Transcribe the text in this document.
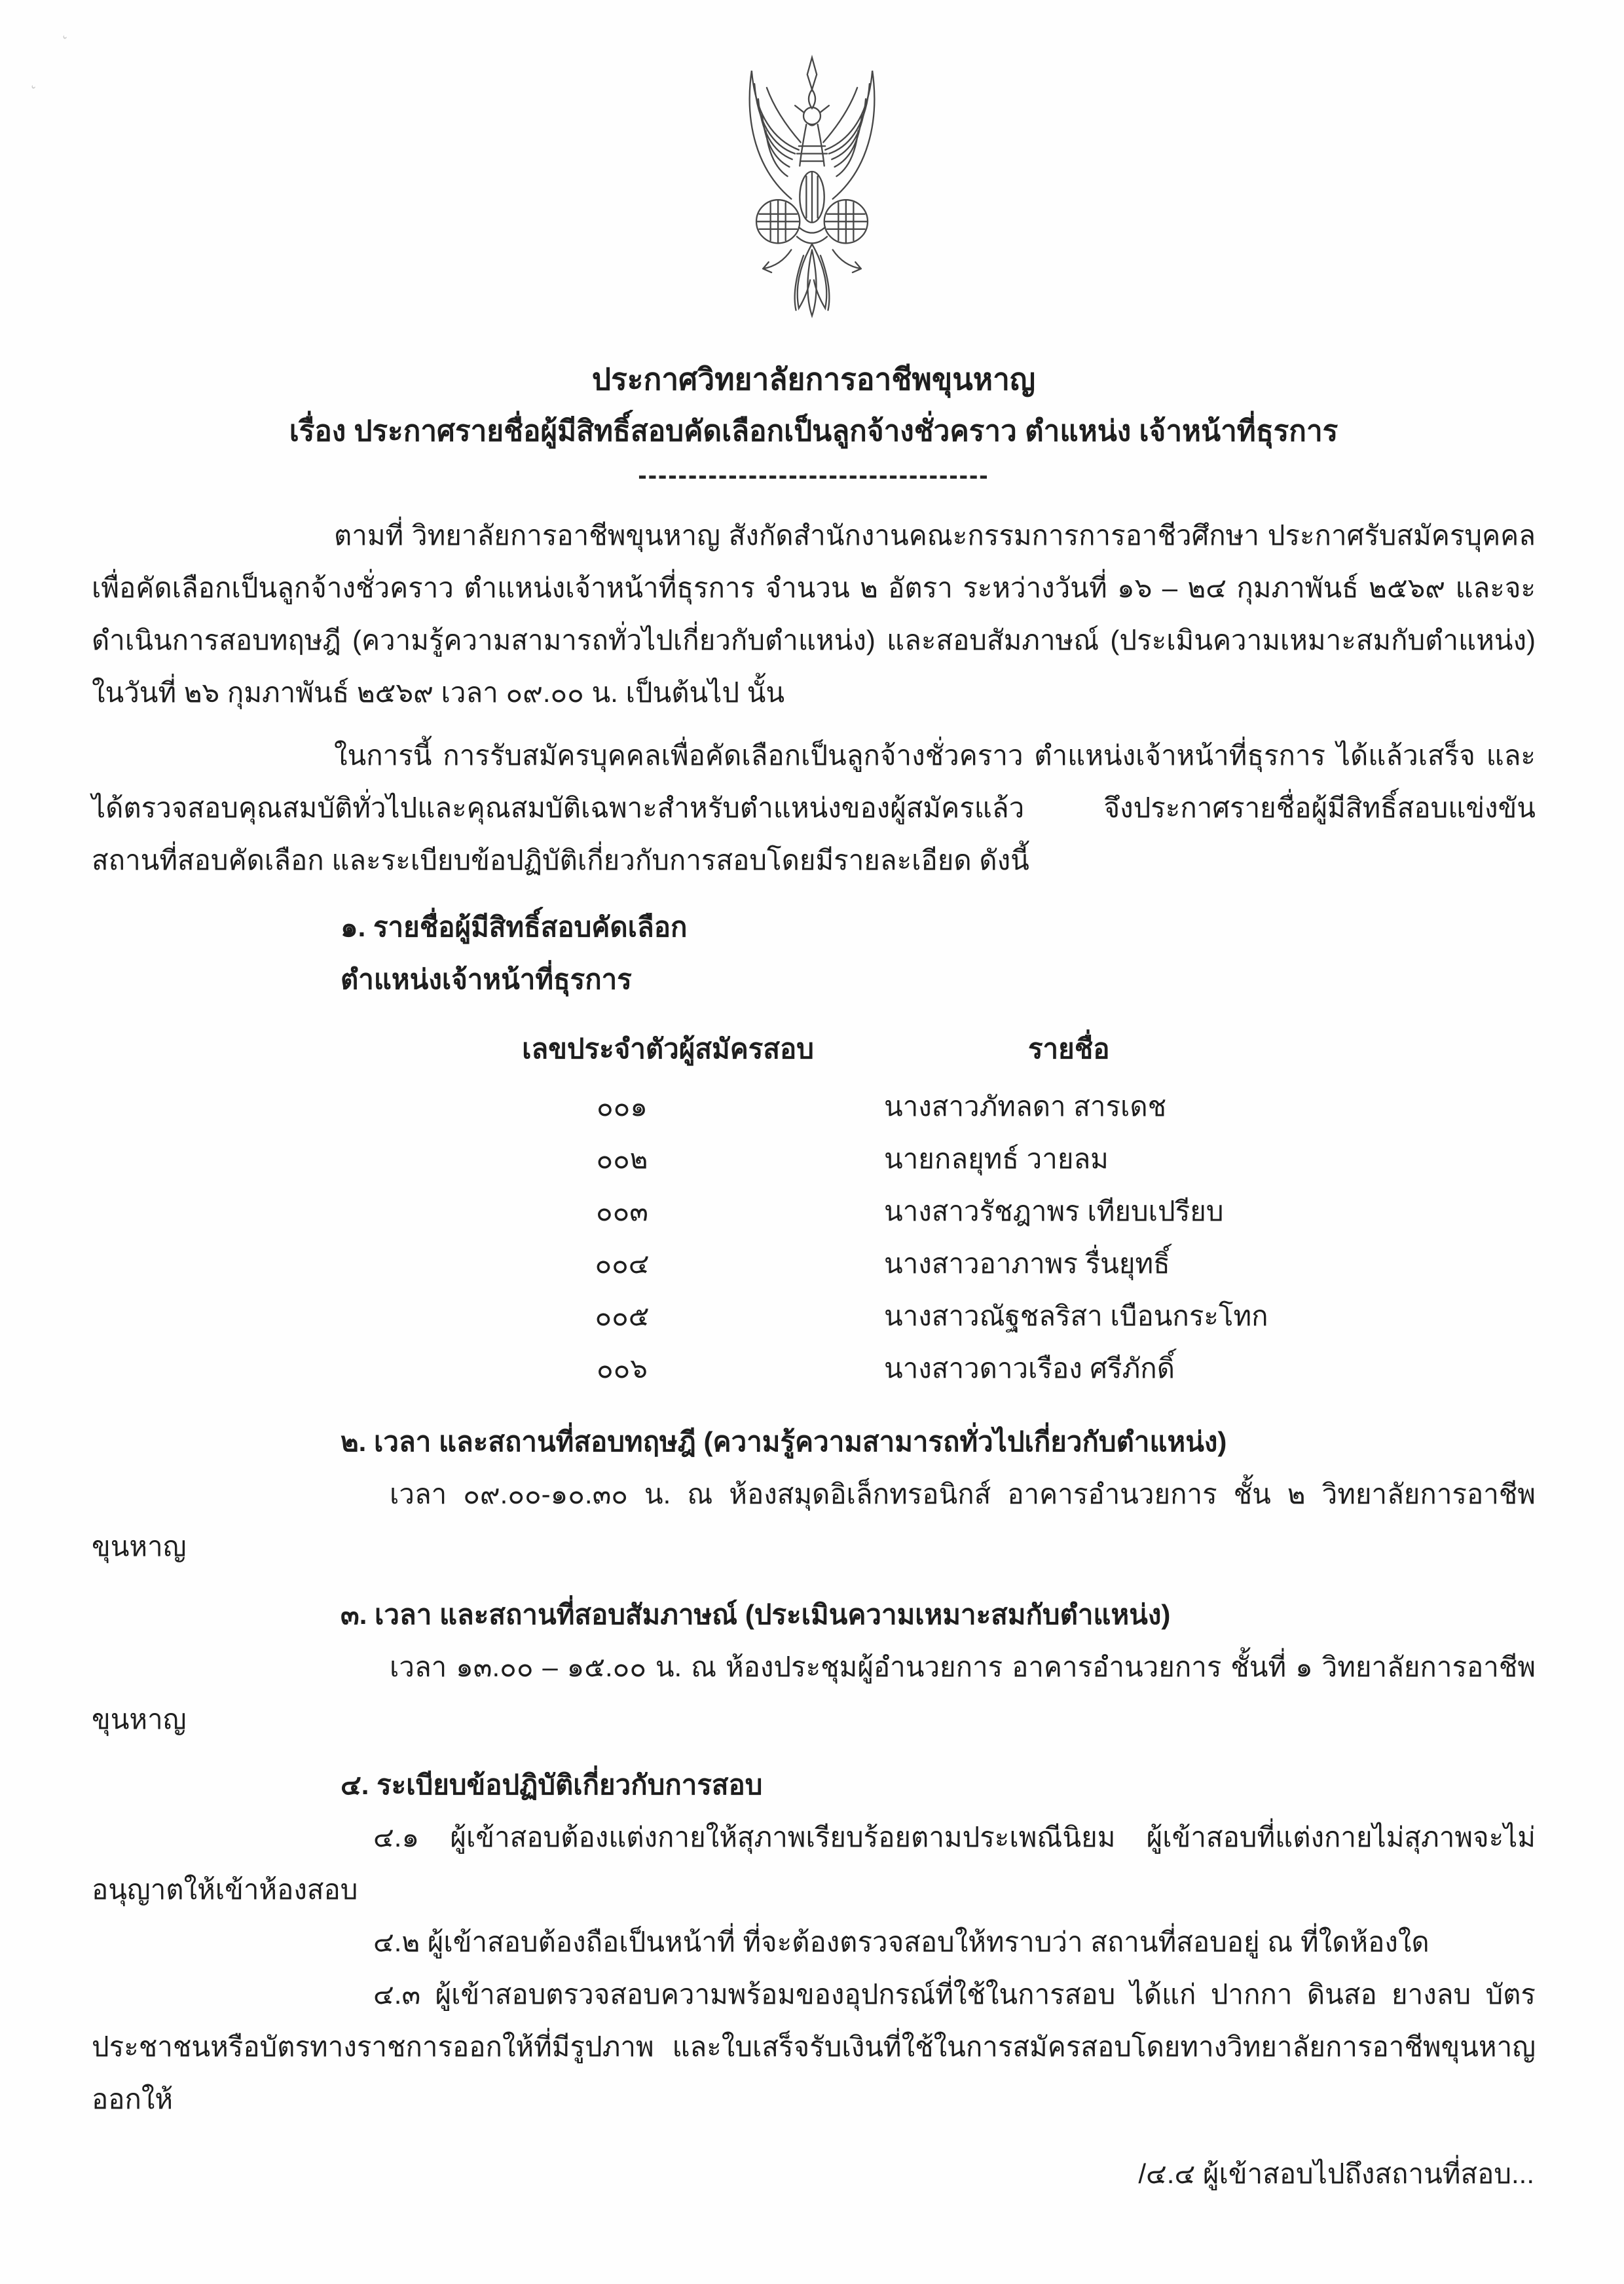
˛
˛

ประกาศวิทยาลัยการอาชีพขุนหาญ

เรื่อง ประกาศรายชื่อผู้มีสิทธิ์สอบคัดเลือกเป็นลูกจ้างชั่วคราว ตำแหน่ง เจ้าหน้าที่ธุรการ

-----------------------------------

ตามที่ วิทยาลัยการอาชีพขุนหาญ สังกัดสำนักงานคณะกรรมการการอาชีวศึกษา ประกาศรับสมัครบุคคลเพื่อคัดเลือกเป็นลูกจ้างชั่วคราว ตำแหน่งเจ้าหน้าที่ธุรการ จำนวน ๒ อัตรา ระหว่างวันที่ ๑๖ – ๒๔ กุมภาพันธ์ ๒๕๖๙ และจะดำเนินการสอบทฤษฎี (ความรู้ความสามารถทั่วไปเกี่ยวกับตำแหน่ง) และสอบสัมภาษณ์ (ประเมินความเหมาะสมกับตำแหน่ง) ในวันที่ ๒๖ กุมภาพันธ์ ๒๕๖๙ เวลา ๐๙.๐๐ น. เป็นต้นไป นั้น

ในการนี้ การรับสมัครบุคคลเพื่อคัดเลือกเป็นลูกจ้างชั่วคราว ตำแหน่งเจ้าหน้าที่ธุรการ ได้แล้วเสร็จ และได้ตรวจสอบคุณสมบัติทั่วไปและคุณสมบัติเฉพาะสำหรับตำแหน่งของผู้สมัครแล้ว จึงประกาศรายชื่อผู้มีสิทธิ์สอบแข่งขัน สถานที่สอบคัดเลือก และระเบียบข้อปฏิบัติเกี่ยวกับการสอบโดยมีรายละเอียด ดังนี้

๑. รายชื่อผู้มีสิทธิ์สอบคัดเลือก

ตำแหน่งเจ้าหน้าที่ธุรการ

เลขประจำตัวผู้สมัครสอบ	รายชื่อ
๐๐๑	นางสาวภัทลดา สารเดช
๐๐๒	นายกลยุทธ์ วายลม
๐๐๓	นางสาวรัชฎาพร เทียบเปรียบ
๐๐๔	นางสาวอาภาพร รื่นยุทธิ์
๐๐๕	นางสาวณัฐชลริสา เบือนกระโทก
๐๐๖	นางสาวดาวเรือง ศรีภักดิ์

๒. เวลา และสถานที่สอบทฤษฎี (ความรู้ความสามารถทั่วไปเกี่ยวกับตำแหน่ง)

เวลา ๐๙.๐๐-๑๐.๓๐ น. ณ ห้องสมุดอิเล็กทรอนิกส์ อาคารอำนวยการ ชั้น ๒ วิทยาลัยการอาชีพขุนหาญ

๓. เวลา และสถานที่สอบสัมภาษณ์ (ประเมินความเหมาะสมกับตำแหน่ง)

เวลา ๑๓.๐๐ – ๑๕.๐๐ น. ณ ห้องประชุมผู้อำนวยการ อาคารอำนวยการ ชั้นที่ ๑ วิทยาลัยการอาชีพขุนหาญ

๔. ระเบียบข้อปฏิบัติเกี่ยวกับการสอบ

๔.๑ ผู้เข้าสอบต้องแต่งกายให้สุภาพเรียบร้อยตามประเพณีนิยม ผู้เข้าสอบที่แต่งกายไม่สุภาพจะไม่อนุญาตให้เข้าห้องสอบ

๔.๒ ผู้เข้าสอบต้องถือเป็นหน้าที่ ที่จะต้องตรวจสอบให้ทราบว่า สถานที่สอบอยู่ ณ ที่ใดห้องใด

๔.๓ ผู้เข้าสอบตรวจสอบความพร้อมของอุปกรณ์ที่ใช้ในการสอบ ได้แก่ ปากกา ดินสอ ยางลบ บัตรประชาชนหรือบัตรทางราชการออกให้ที่มีรูปภาพ และใบเสร็จรับเงินที่ใช้ในการสมัครสอบโดยทางวิทยาลัยการอาชีพขุนหาญออกให้

/๔.๔ ผู้เข้าสอบไปถึงสถานที่สอบ...
